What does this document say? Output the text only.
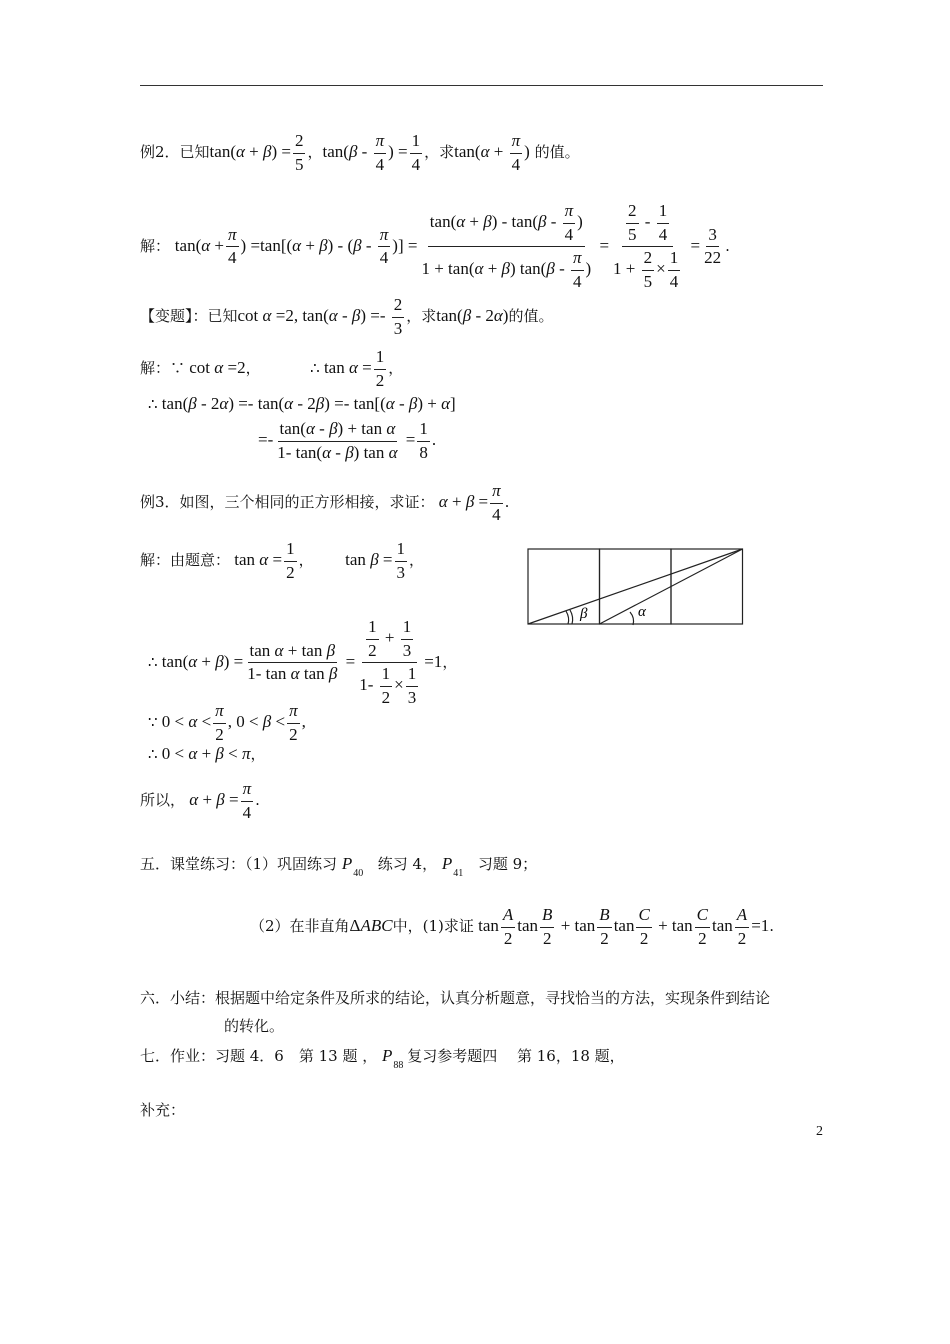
例2．已知$\tan(\alpha + \beta) = \frac{2}{5}$ ，$\tan(\beta - \frac{\pi}{4}$ ) = $\frac{1}{4}$ ，求$\tan(\alpha + \frac{\pi}{4}$ ) 的值。
解： $\tan(\alpha + \frac{\pi}{4}$ ) $=\tan[(\alpha + \beta) - (\beta - \frac{\pi}{4}$ )] = $\frac{\tan(\alpha + \beta) - \tan(\beta - \frac{\pi}{4} )}{1 + \tan(\alpha + \beta) \tan(\beta - \frac{\pi}{4} )} = \frac{\frac{2}{5} - \frac{1}{4}}{1 + \frac{2}{5} \times \frac{1}{4}} = \frac{3}{22}$ .
【变题】：已知cot α =2, $\tan(\alpha - \beta) =- \frac{2}{3}$ ，求tan(β - 2α)的值。
解：∵ cot α =2，	∴ $\tan \alpha = \frac{1}{2}$ ，
∴ tan(β - 2α) =- tan(α - 2β) =- tan[(α - β) + α]
=- $\frac{\text{tan(α - β) + tan α}}{\text{1- tan(α - β) tan α}} = \frac{1}{8}$ .
例3．如图，三个相同的正方形相接，求证： $\alpha + \beta = \frac{\pi}{4}$ .
解：由题意： $\tan \alpha = \frac{1}{2}$ ， $\tan \beta = \frac{1}{3}$ ，
∴ $\tan(\alpha + \beta) = \frac{\text{tan α + tan β}}{\text{1- tan α tan β}} = \frac{\frac{1}{2} + \frac{1}{3}}{1- \frac{1}{2} \times \frac{1}{3}} =1$，
β	α
∵ $0 < \alpha < \frac{\pi}{2}$ , $0 < \beta < \frac{\pi}{2}$ ,
∴ 0 < α + β < π，
所以， $\alpha + \beta = \frac{\pi}{4}$ .
五．课堂练习：（1）巩固练习 $P_{40}$  练习 4， $P_{41}$  习题 9；
（2）在非直角ΔABC中，(1)求证 $\tan \frac{A}{2}$ $\tan \frac{B}{2} + \tan \frac{B}{2}$ $\tan \frac{C}{2} + \tan \frac{C}{2}$ $\tan \frac{A}{2} =1$.
六．小结：根据题中给定条件及所求的结论，认真分析题意，寻找恰当的方法，实现条件到结论
的转化。
七．作业：习题 4．6　第 13 题 ， $P_{88}$ 复习参考题四　 第 16，18 题，
补充：
2
